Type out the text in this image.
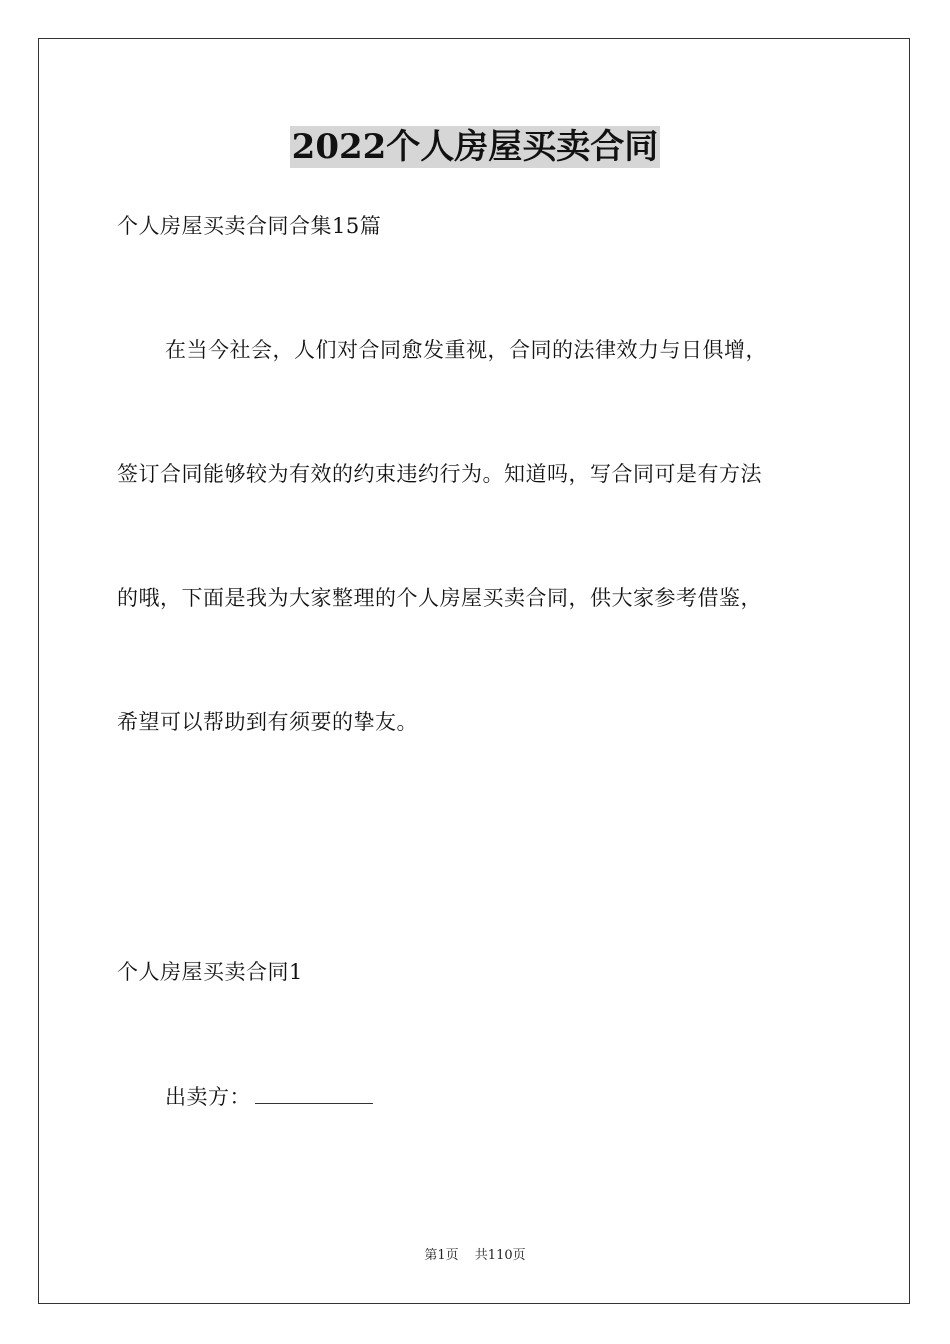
2022个人房屋买卖合同
个人房屋买卖合同合集15篇
在当今社会，人们对合同愈发重视，合同的法律效力与日俱增，
签订合同能够较为有效的约束违约行为。知道吗，写合同可是有方法
的哦，下面是我为大家整理的个人房屋买卖合同，供大家参考借鉴，
希望可以帮助到有须要的挚友。
个人房屋买卖合同1
出卖方：
第1页 共110页
